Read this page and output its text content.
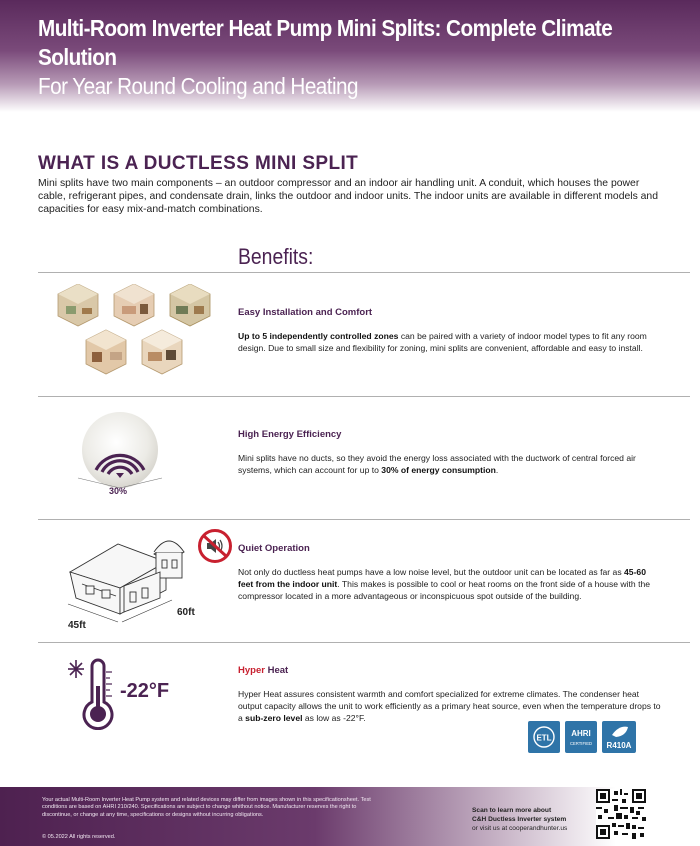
Multi-Room Inverter Heat Pump Mini Splits: Complete Climate Solution
For Year Round Cooling and Heating
WHAT IS A DUCTLESS MINI SPLIT
Mini splits have two main components – an outdoor compressor and an indoor air handling unit. A conduit, which houses the power cable, refrigerant pipes, and condensate drain, links the outdoor and indoor units. The indoor units are available in different models and capacities for easy mix-and-match combinations.
Benefits:
Easy Installation and Comfort
Up to 5 independently controlled zones can be paired with a variety of indoor model types to fit any room design. Due to small size and flexibility for zoning, mini splits are convenient, affordable and easy to install.
30%
High Energy Efficiency
Mini splits have no ducts, so they avoid the energy loss associated with the ductwork of central forced air systems, which can account for up to 30% of energy consumption.
45ft
60ft
Quiet Operation
Not only do ductless heat pumps have a low noise level, but the outdoor unit can be located as far as 45-60 feet from the indoor unit. This makes is possible to cool or heat rooms on the front side of a house with the compressor located in a more advantageous or inconspicuous spot outside of the building.
-22°F
Hyper Heat
Hyper Heat assures consistent warmth and comfort specialized for extreme climates. The condenser heat output capacity allows the unit to work efficiently as a primary heat source, even when the temperature drops to a sub-zero level as low as -22°F.
ETL AHRI
CERTIFIED R410A
Your actual Multi-Room Inverter Heat Pump system and related devices may differ from images shown in this specificationsheet. Test conditions are based on AHRI 210/240. Specifications are subject to change whithout notice. Manufacturer reserves the right to discontinue, or change at any time, specifications or designs without incurring obligations.
© 05.2022 All rights reserved.
Scan to learn more about
C&H Ductless Inverter system
or visit us at cooperandhunter.us
